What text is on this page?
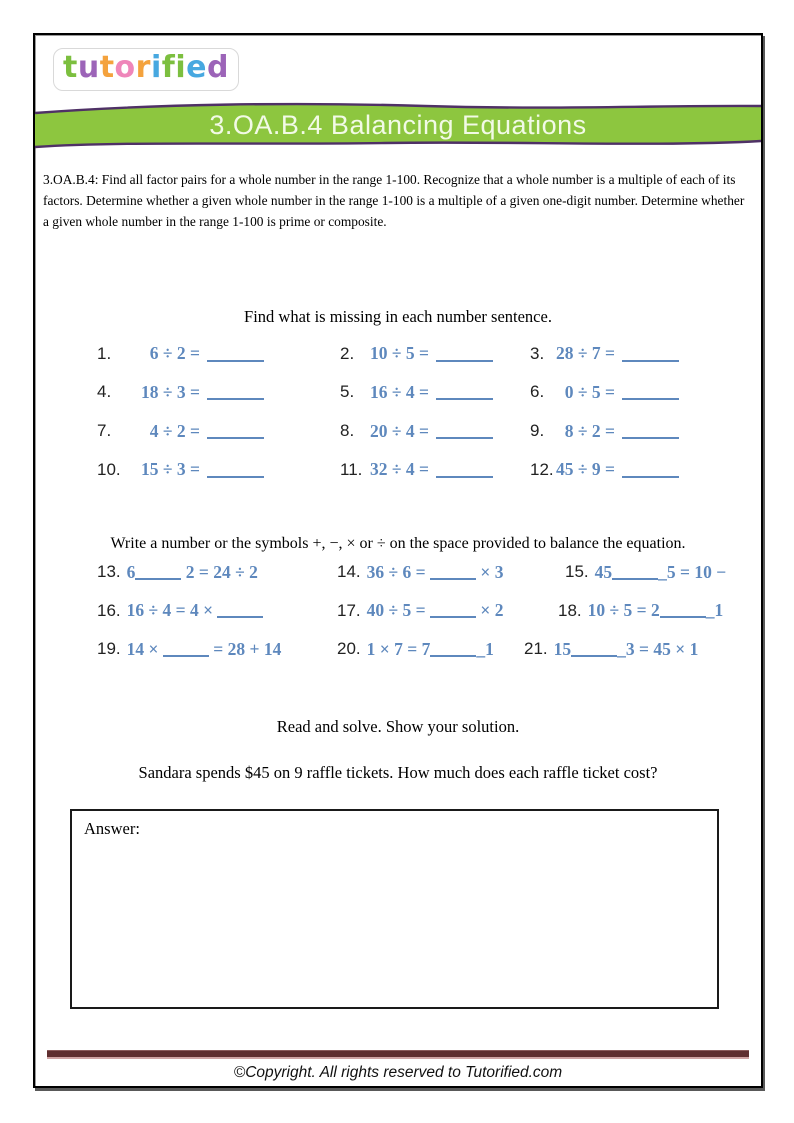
tutorified
3.OA.B.4 Balancing Equations
3.OA.B.4: Find all factor pairs for a whole number in the range 1-100. Recognize that a whole number is a multiple of each of its factors. Determine whether a given whole number in the range 1-100 is a multiple of a given one-digit number. Determine whether a given whole number in the range 1-100 is prime or composite.
Find what is missing in each number sentence.
1.	6 ÷ 2 =	2. 10 ÷ 5 =	3. 28 ÷ 7 =
4.	18 ÷ 3 =	5. 16 ÷ 4 =	6. 0 ÷ 5 =
7.	4 ÷ 2 =	8. 20 ÷ 4 =	9. 8 ÷ 2 =
10.	15 ÷ 3 =	11. 32 ÷ 4 =	12. 45 ÷ 9 =
Write a number or the symbols +, −, × or ÷ on the space provided to balance the equation.
13. 6	2 = 24 ÷ 2	14. 36 ÷ 6 =	× 3	15. 45	_5 = 10 −
16. 16 ÷ 4 = 4 ×	17. 40 ÷ 5 =	× 2	18. 10 ÷ 5 = 2	_1
19. 14 ×	= 28 + 14	20. 1 × 7 = 7	_1 21. 15	_3 = 45 × 1
Read and solve. Show your solution.
Sandara spends $45 on 9 raffle tickets. How much does each raffle ticket cost?
Answer:
©Copyright. All rights reserved to Tutorified.com
